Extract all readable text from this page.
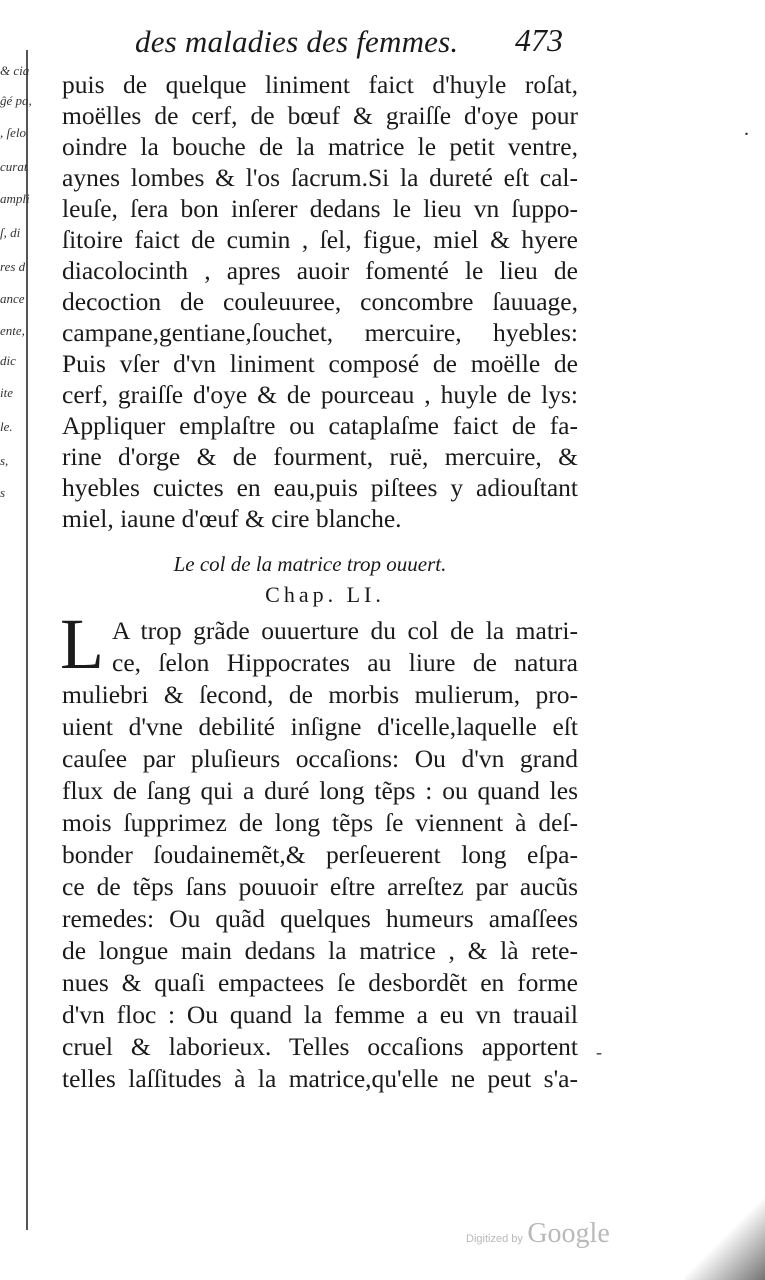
& cia
ĝé pa,
, ſelo
curat
ampli
ſ, di
res d
ance
ente,
dic
ite
le.
s,
s
des maladies des femmes. 473
puis de quelque liniment faict d'huyle roſat,
moëlles de cerf, de bœuf & graiſſe d'oye pour
oindre la bouche de la matrice le petit ventre,
aynes lombes & l'os ſacrum.Si la dureté eſt cal-
leuſe, ſera bon inſerer dedans le lieu vn ſuppo-
ſitoire faict de cumin , ſel, figue, miel & hyere
diacolocinth , apres auoir fomenté le lieu de
decoction de couleuuree, concombre ſauuage,
campane,gentiane,ſouchet, mercuire, hyebles:
Puis vſer d'vn liniment composé de moëlle de
cerf, graiſſe d'oye & de pourceau , huyle de lys:
Appliquer emplaſtre ou cataplaſme faict de fa-
rine d'orge & de fourment, ruë, mercuire, &
hyebles cuictes en eau,puis piſtees y adiouſtant
miel, iaune d'œuf & cire blanche.
Le col de la matrice trop ouuert.
Chap. LI.
L A trop grãde ouuerture du col de la matri-
ce, ſelon Hippocrates au liure de natura
muliebri & ſecond, de morbis mulierum, pro-
uient d'vne debilité inſigne d'icelle,laquelle eſt
cauſee par pluſieurs occaſions: Ou d'vn grand
flux de ſang qui a duré long tẽps : ou quand les
mois ſupprimez de long tẽps ſe viennent à deſ-
bonder ſoudainemẽt,& perſeuerent long eſpa-
ce de tẽps ſans pouuoir eſtre arreſtez par aucũs
remedes: Ou quãd quelques humeurs amaſſees
de longue main dedans la matrice , & là rete-
nues & quaſi empactees ſe desbordẽt en forme
d'vn floc : Ou quand la femme a eu vn trauail
cruel & laborieux. Telles occaſions apportent
telles laſſitudes à la matrice,qu'elle ne peut s'a-
.
-
Digitized by Google
